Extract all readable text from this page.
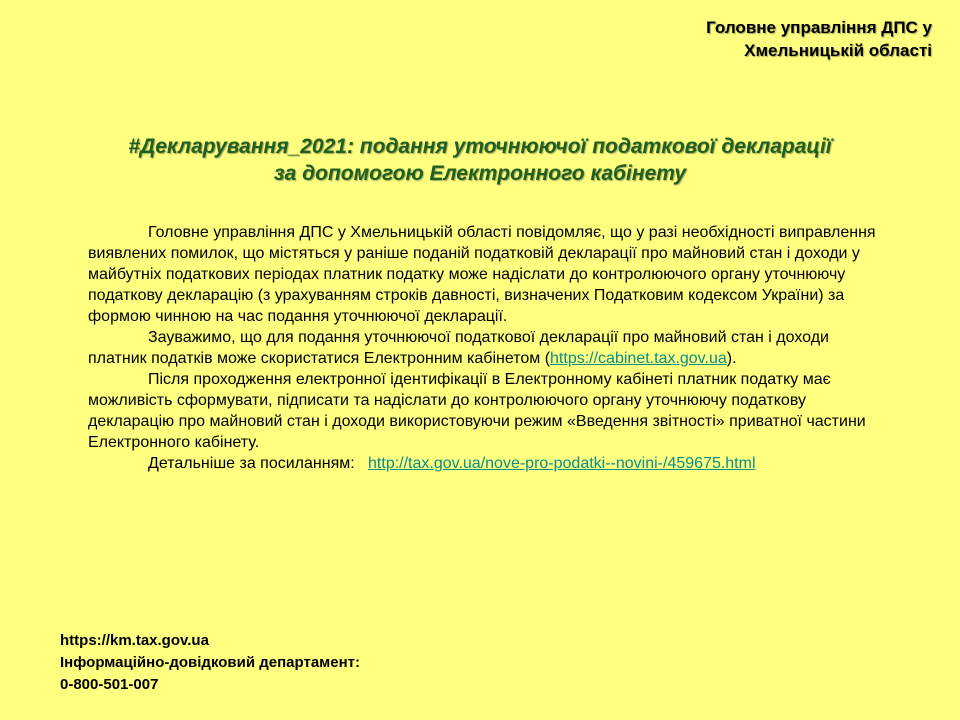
Головне управління ДПС у
Хмельницькій області
#Декларування_2021: подання уточнюючої податкової декларації
за допомогою Електронного кабінету

Головне управління ДПС у Хмельницькій області повідомляє, що у разі необхідності виправлення виявлених помилок, що містяться у раніше поданій податковій декларації про майновий стан і доходи у майбутніх податкових періодах платник податку може надіслати до контролюючого органу уточнюючу податкову декларацію (з урахуванням строків давності, визначених Податковим кодексом України) за формою чинною на час подання уточнюючої декларації.

Зауважимо, що для подання уточнюючої податкової декларації про майновий стан і доходи платник податків може скористатися Електронним кабінетом (https://cabinet.tax.gov.ua).

Після проходження електронної ідентифікації в Електронному кабінеті платник податку має можливість сформувати, підписати та надіслати до контролюючого органу уточнюючу податкову декларацію про майновий стан і доходи використовуючи режим «Введення звітності» приватної частини Електронного кабінету.

Детальніше за посиланням: http://tax.gov.ua/nove-pro-podatki--novini-/459675.html

https://km.tax.gov.ua
Інформаційно-довідковий департамент:
0-800-501-007
